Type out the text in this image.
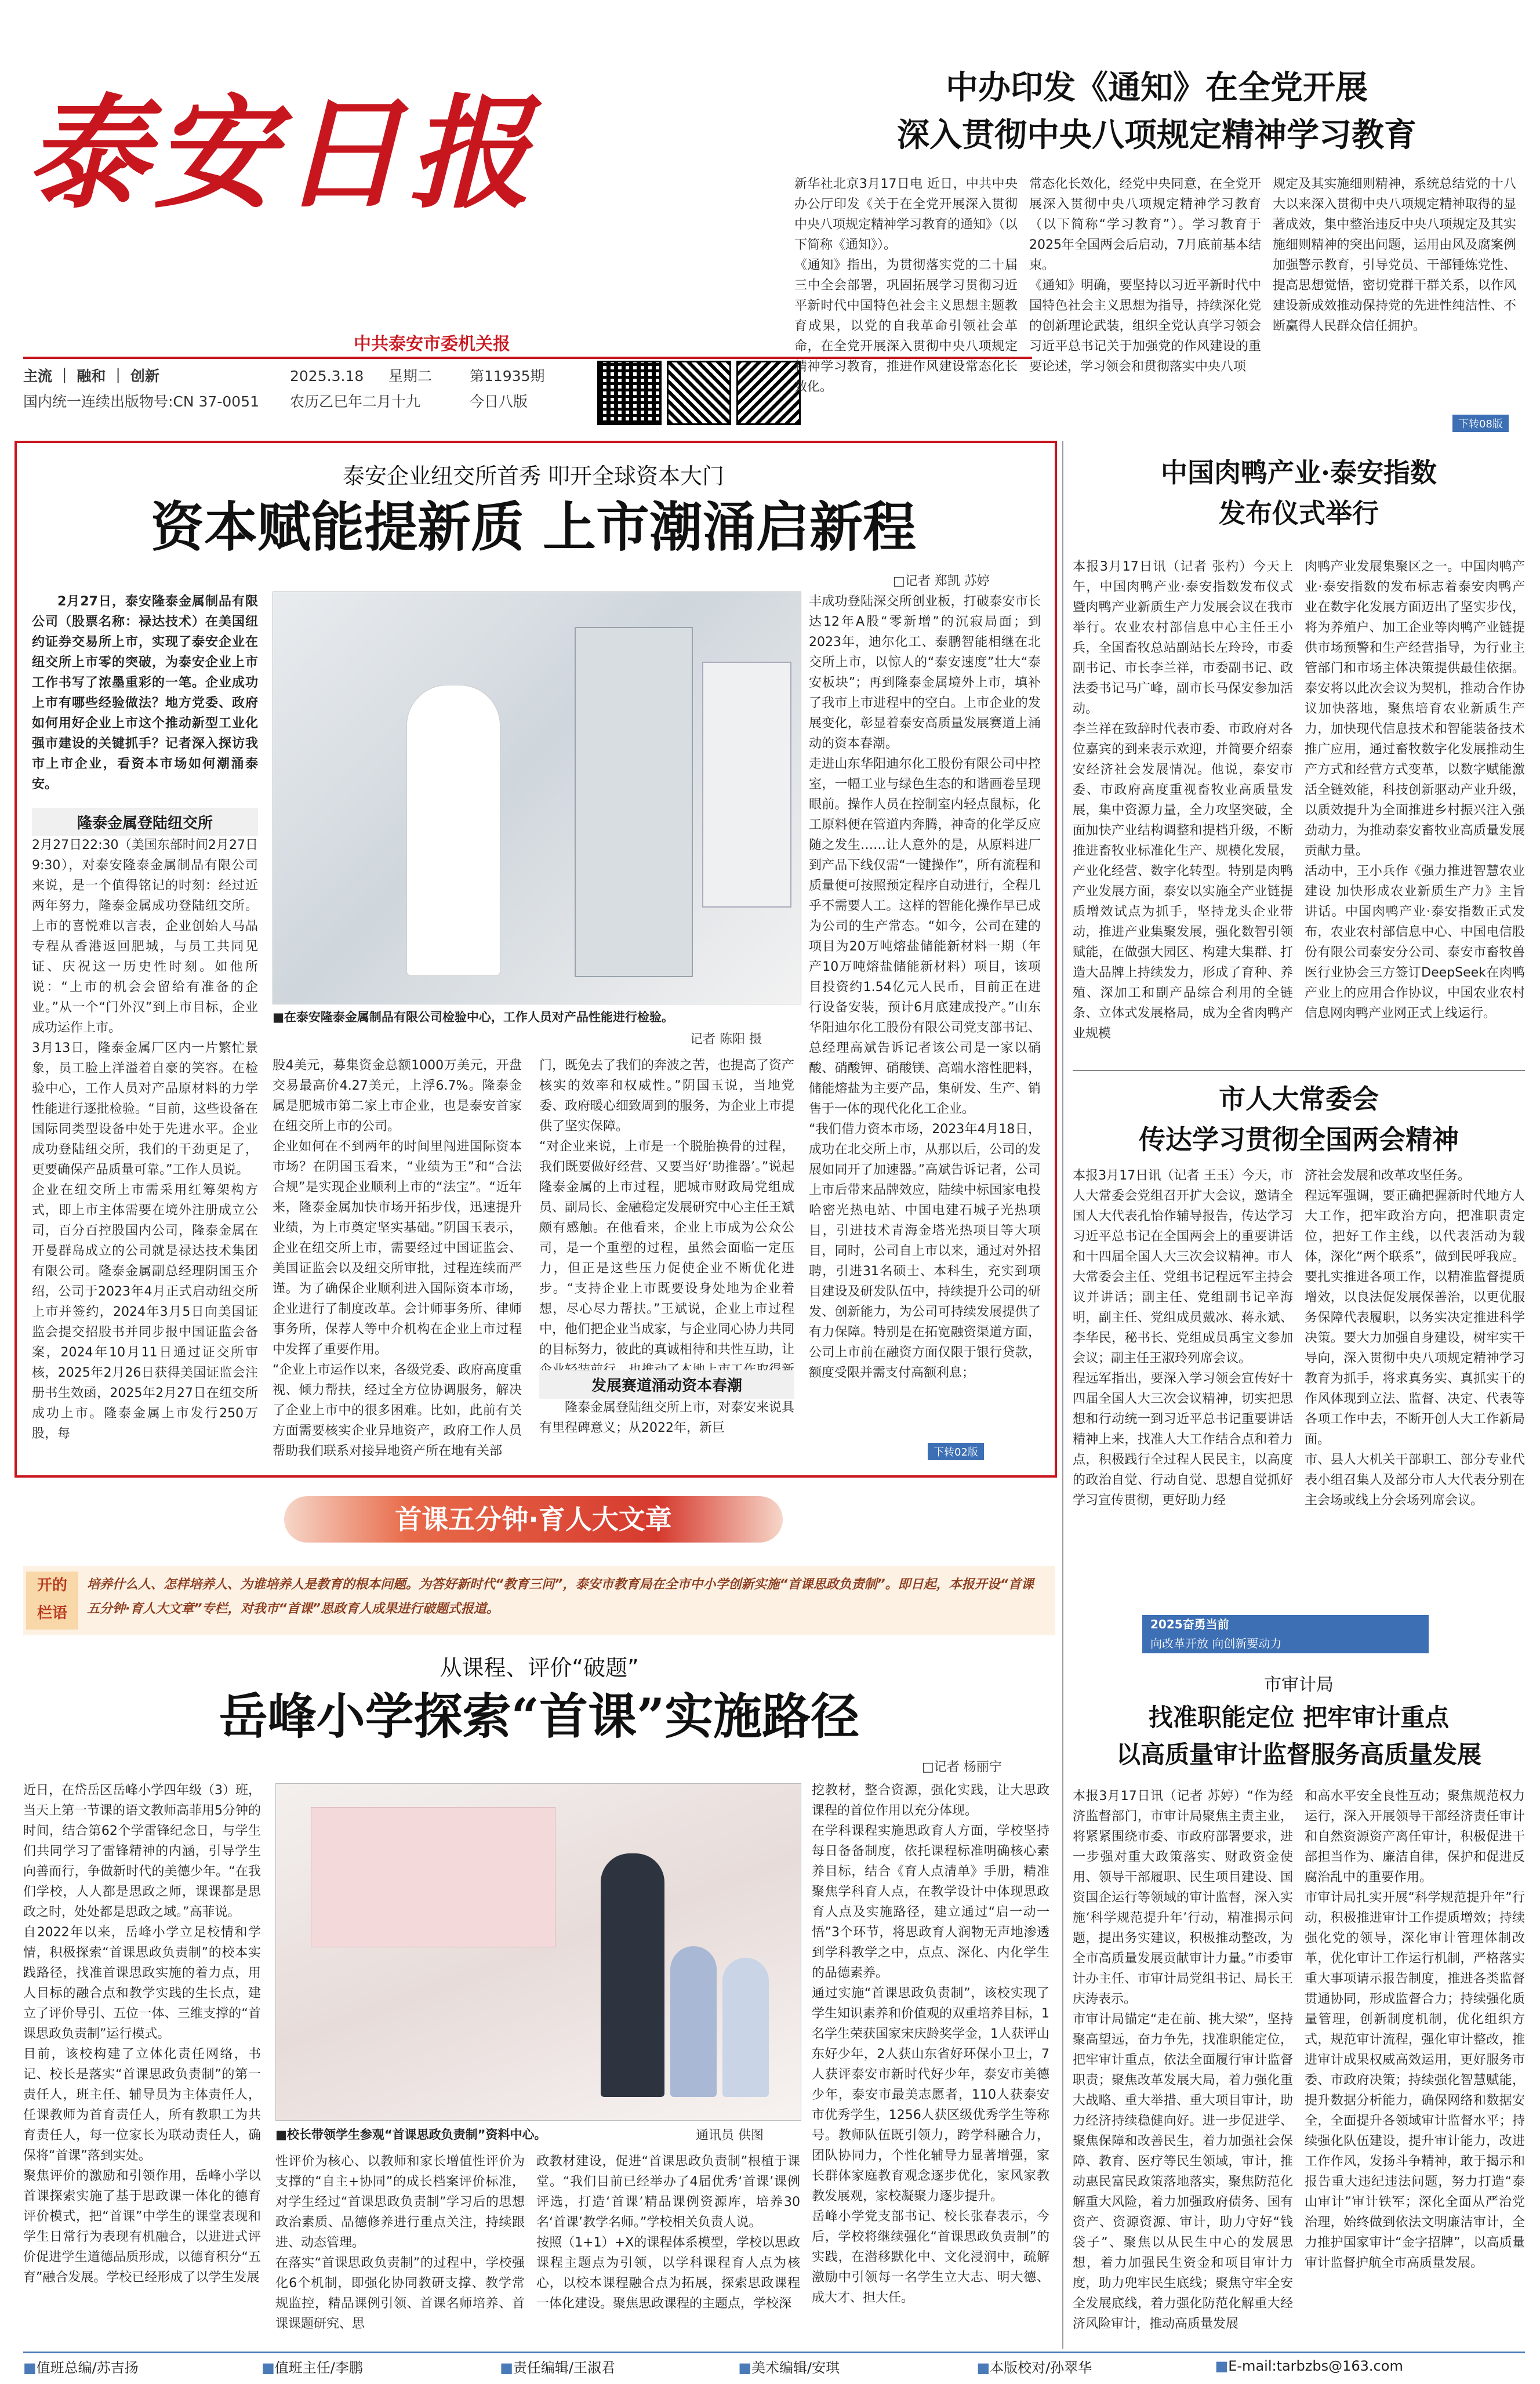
泰安日报
中共泰安市委机关报
主流 ｜ 融和 ｜ 创新	2025.3.18	星期二	第11935期
国内统一连续出版物号:CN 37-0051	农历乙巳年二月十九	今日八版
中办印发《通知》在全党开展
深入贯彻中央八项规定精神学习教育
新华社北京3月17日电 近日，中共中央办公厅印发《关于在全党开展深入贯彻中央八项规定精神学习教育的通知》（以下简称《通知》）。
《通知》指出，为贯彻落实党的二十届三中全会部署，巩固拓展学习贯彻习近平新时代中国特色社会主义思想主题教育成果，以党的自我革命引领社会革命，在全党开展深入贯彻中央八项规定精神学习教育，推进作风建设常态化长效化。
常态化长效化，经党中央同意，在全党开展深入贯彻中央八项规定精神学习教育（以下简称“学习教育”）。学习教育于2025年全国两会后启动，7月底前基本结束。
《通知》明确，要坚持以习近平新时代中国特色社会主义思想为指导，持续深化党的创新理论武装，组织全党认真学习领会习近平总书记关于加强党的作风建设的重要论述，学习领会和贯彻落实中央八项
规定及其实施细则精神，系统总结党的十八大以来深入贯彻中央八项规定精神取得的显著成效，集中整治违反中央八项规定及其实施细则精神的突出问题，运用由风及腐案例加强警示教育，引导党员、干部锤炼党性、提高思想觉悟，密切党群干群关系，以作风建设新成效推动保持党的先进性纯洁性、不断赢得人民群众信任拥护。
下转08版
泰安企业纽交所首秀 叩开全球资本大门
资本赋能提新质 上市潮涌启新程
□记者 郑凯 苏婷
2月27日，泰安隆泰金属制品有限公司（股票名称：禄达技术）在美国纽约证券交易所上市，实现了泰安企业在纽交所上市零的突破，为泰安企业上市工作书写了浓墨重彩的一笔。企业成功上市有哪些经验做法？地方党委、政府如何用好企业上市这个推动新型工业化强市建设的关键抓手？记者深入探访我市上市企业，看资本市场如何潮涌泰安。
隆泰金属登陆纽交所
2月27日22:30（美国东部时间2月27日9:30），对泰安隆泰金属制品有限公司来说，是一个值得铭记的时刻：经过近两年努力，隆泰金属成功登陆纽交所。上市的喜悦难以言表，企业创始人马晶专程从香港返回肥城，与员工共同见证、庆祝这一历史性时刻。如他所说：“上市的机会会留给有准备的企业。”从一个“门外汉”到上市目标，企业成功运作上市。
3月13日，隆泰金属厂区内一片繁忙景象，员工脸上洋溢着自豪的笑容。在检验中心，工作人员对产品原材料的力学性能进行逐批检验。“目前，这些设备在国际同类型设备中处于先进水平。企业成功登陆纽交所，我们的干劲更足了，更要确保产品质量可靠。”工作人员说。
企业在纽交所上市需采用红筹架构方式，即上市主体需要在境外注册成立公司，百分百控股国内公司，隆泰金属在开曼群岛成立的公司就是禄达技术集团有限公司。隆泰金属副总经理阴国玉介绍，公司于2023年4月正式启动纽交所上市并签约，2024年3月5日向美国证监会提交招股书并同步报中国证监会备案，2024年10月11日通过证交所审核，2025年2月26日获得美国证监会注册书生效函，2025年2月27日在纽交所成功上市。隆泰金属上市发行250万股，每
■在泰安隆泰金属制品有限公司检验中心，工作人员对产品性能进行检验。
记者 陈阳 摄
股4美元，募集资金总额1000万美元，开盘交易最高价4.27美元，上浮6.7%。隆泰金属是肥城市第二家上市企业，也是泰安首家在纽交所上市的公司。
企业如何在不到两年的时间里闯进国际资本市场？在阴国玉看来，“业绩为王”和“合法合规”是实现企业顺利上市的“法宝”。“近年来，隆泰金属加快市场开拓步伐，迅速提升业绩，为上市奠定坚实基础。”阴国玉表示，企业在纽交所上市，需要经过中国证监会、美国证监会以及纽交所审批，过程连续而严谨。为了确保企业顺利进入国际资本市场，企业进行了制度改革。会计师事务所、律师事务所，保荐人等中介机构在企业上市过程中发挥了重要作用。
“企业上市运作以来，各级党委、政府高度重视、倾力帮扶，经过全方位协调服务，解决了企业上市中的很多困难。比如，此前有关方面需要核实企业异地资产，政府工作人员帮助我们联系对接异地资产所在地有关部
门，既免去了我们的奔波之苦，也提高了资产核实的效率和权威性。”阴国玉说，当地党委、政府暖心细致周到的服务，为企业上市提供了坚实保障。
“对企业来说，上市是一个脱胎换骨的过程，我们既要做好经营、又要当好‘助推器’。”说起隆泰金属的上市过程，肥城市财政局党组成员、副局长、金融稳定发展研究中心主任王斌颇有感触。在他看来，企业上市成为公众公司，是一个重塑的过程，虽然会面临一定压力，但正是这些压力促使企业不断优化进步。“支持企业上市既要设身处地为企业着想，尽心尽力帮扶。”王斌说，企业上市过程中，他们把企业当成家，与企业同心协力共同的目标努力，彼此的真诚相待和共性互助，让
发展赛道涌动资本春潮
隆泰金属登陆纽交所上市，对泰安来说具有里程碑意义；从2022年，新巨
丰成功登陆深交所创业板，打破泰安市长达12年A股“零新增”的沉寂局面；到2023年，迪尔化工、泰鹏智能相继在北交所上市，以惊人的“泰安速度”壮大“泰安板块”；再到隆泰金属境外上市，填补了我市上市进程中的空白。上市企业的发展变化，彰显着泰安高质量发展赛道上涌动的资本春潮。
走进山东华阳迪尔化工股份有限公司中控室，一幅工业与绿色生态的和谐画卷呈现眼前。操作人员在控制室内轻点鼠标，化工原料便在管道内奔腾，神奇的化学反应随之发生……让人意外的是，从原料进厂到产品下线仅需“一键操作”，所有流程和质量便可按照预定程序自动进行，全程几乎不需要人工。这样的智能化操作早已成为公司的生产常态。“如今，公司在建的项目为20万吨熔盐储能新材料一期（年产10万吨熔盐储能新材料）项目，该项目投资约1.54亿元人民币，目前正在进行设备安装，预计6月底建成投产。”山东华阳迪尔化工股份有限公司党支部书记、总经理高斌告诉记者该公司是一家以硝酸、硝酸钾、硝酸镁、高端水溶性肥料，储能熔盐为主要产品，集研发、生产、销售于一体的现代化化工企业。
“我们借力资本市场，2023年4月18日，成功在北交所上市，从那以后，公司的发展如同开了加速器。”高斌告诉记者，公司上市后带来品牌效应，陆续中标国家电投哈密光热电站、中国电建石城子光热项目，引进技术青海金塔光热项目等大项目，同时，公司自上市以来，通过对外招聘，引进31名硕士、本科生，充实到项目建设及研发队伍中，持续提升公司的研发、创新能力，为公司可持续发展提供了有力保障。特别是在拓宽融资渠道方面，公司上市前在融资方面仅限于银行贷款，额度受限并需支付高额利息；
下转02版
中国肉鸭产业·泰安指数
发布仪式举行
本报3月17日讯（记者 张杓）今天上午，中国肉鸭产业·泰安指数发布仪式暨肉鸭产业新质生产力发展会议在我市举行。农业农村部信息中心主任王小兵，全国畜牧总站副站长左玲玲，市委副书记、市长李兰祥，市委副书记、政法委书记马广峰，副市长马保安参加活动。
李兰祥在致辞时代表市委、市政府对各位嘉宾的到来表示欢迎，并简要介绍泰安经济社会发展情况。他说，泰安市委、市政府高度重视畜牧业高质量发展，集中资源力量，全力攻坚突破，全面加快产业结构调整和提档升级，不断推进畜牧业标准化生产、规模化发展，产业化经营、数字化转型。特别是肉鸭产业发展方面，泰安以实施全产业链提质增效试点为抓手，坚持龙头企业带动，推进产业集聚发展，强化数智引领赋能，在做强大园区、构建大集群、打造大品牌上持续发力，形成了育种、养殖、深加工和副产品综合利用的全链条、立体式发展格局，成为全省肉鸭产业规模
肉鸭产业发展集聚区之一。中国肉鸭产业·泰安指数的发布标志着泰安肉鸭产业在数字化发展方面迈出了坚实步伐，将为养殖户、加工企业等肉鸭产业链提供市场预警和生产经营指导，为行业主管部门和市场主体决策提供最佳依据。泰安将以此次会议为契机，推动合作协议加快落地，聚焦培育农业新质生产力，加快现代信息技术和智能装备技术推广应用，通过畜牧数字化发展推动生产方式和经营方式变革，以数字赋能激活全链效能，科技创新驱动产业升级，以质效提升为全面推进乡村振兴注入强劲动力，为推动泰安畜牧业高质量发展贡献力量。
活动中，王小兵作《强力推进智慧农业建设 加快形成农业新质生产力》主旨讲话。中国肉鸭产业·泰安指数正式发布，农业农村部信息中心、中国电信股份有限公司泰安分公司、泰安市畜牧兽医行业协会三方签订DeepSeek在肉鸭产业上的应用合作协议，中国农业农村信息网肉鸭产业网正式上线运行。
市人大常委会
传达学习贯彻全国两会精神
本报3月17日讯（记者 王玉）今天，市人大常委会党组召开扩大会议，邀请全国人大代表孔怡作辅导报告，传达学习习近平总书记在全国两会上的重要讲话和十四届全国人大三次会议精神。市人大常委会主任、党组书记程远军主持会议并讲话；副主任、党组副书记辛海明，副主任、党组成员戴冰、蒋永斌、李华民，秘书长、党组成员禹宝文参加会议；副主任王淑玲列席会议。
程远军指出，要深入学习领会宣传好十四届全国人大三次会议精神，切实把思想和行动统一到习近平总书记重要讲话精神上来，找准人大工作结合点和着力点，积极践行全过程人民民主，以高度的政治自觉、行动自觉、思想自觉抓好学习宣传贯彻，更好助力经
济社会发展和改革攻坚任务。
程远军强调，要正确把握新时代地方人大工作，把牢政治方向，把准职责定位，把好工作主线，以代表活动为载体，深化“两个联系”，做到民呼我应。要扎实推进各项工作，以精准监督提质增效，以良法促发展保善治，以更优服务保障代表履职，以务实决定推进科学决策。要大力加强自身建设，树牢实干导向，深入贯彻中央八项规定精神学习教育为抓手，将求真务实、真抓实干的作风体现到立法、监督、决定、代表等各项工作中去，不断开创人大工作新局面。
市、县人大机关干部职工、部分专业代表小组召集人及部分市人大代表分别在主会场或线上分会场列席会议。
首课五分钟·育人大文章
开的
栏语
培养什么人、怎样培养人、为谁培养人是教育的根本问题。为答好新时代“教育三问”，泰安市教育局在全市中小学创新实施“首课思政负责制”。即日起，本报开设“首课五分钟·育人大文章”专栏，对我市“首课”思政育人成果进行破题式报道。
从课程、评价“破题”
岳峰小学探索“首课”实施路径
□记者 杨丽宁
近日，在岱岳区岳峰小学四年级（3）班，当天上第一节课的语文教师高菲用5分钟的时间，结合第62个学雷锋纪念日，与学生们共同学习了雷锋精神的内涵，引导学生向善而行，争做新时代的美德少年。“在我们学校，人人都是思政之师，课课都是思政之时，处处都是思政之域。”高菲说。
自2022年以来，岳峰小学立足校情和学情，积极探索“首课思政负责制”的校本实践路径，找准首课思政实施的着力点，用人目标的融合点和教学实践的生长点，建立了评价导引、五位一体、三维支撑的“首课思政负责制”运行模式。
目前，该校构建了立体化责任网络，书记、校长是落实“首课思政负责制”的第一责任人，班主任、辅导员为主体责任人，任课教师为首育责任人，所有教职工为共育责任人，每一位家长为联动责任人，确保将“首课”落到实处。
聚焦评价的激励和引领作用，岳峰小学以首课探索实施了基于思政课一体化的德育评价模式，把“首课”中学生的课堂表现和学生日常行为表现有机融合，以进进式评价促进学生道德品质形成，以德育积分“五育”融合发展。学校已经形成了以学生发展
■校长带领学生参观“首课思政负责制”资料中心。	通讯员 供图
性评价为核心、以教师和家长增值性评价为支撑的“自主+协同”的成长档案评价标准，对学生经过“首课思政负责制”学习后的思想政治素质、品德修养进行重点关注，持续跟进、动态管理。
在落实“首课思政负责制”的过程中，学校强化6个机制，即强化协同教研支撑、教学常规监控，精品课例引领、首课名师培养、首课课题研究、思
政教材建设，促进“首课思政负责制”根植于课堂。“我们目前已经举办了4届优秀‘首课’课例评选，打造‘首课’精品课例资源库，培养30名‘首课’教学名师。”学校相关负责人说。
按照（1+1）+X的课程体系模型，学校以思政课程主题点为引领，以学科课程育人点为核心，以校本课程融合点为拓展，探索思政课程一体化建设。聚焦思政课程的主题点，学校深
挖教材，整合资源，强化实践，让大思政课程的首位作用以充分体现。
在学科课程实施思政育人方面，学校坚持每日备备制度，依托课程标准明确核心素养目标，结合《育人点清单》手册，精准聚焦学科育人点，在教学设计中体现思政育人点及实施路径，建立通过“启一动一悟”3个环节，将思政育人润物无声地渗透到学科教学之中，点点、深化、内化学生的品德素养。
通过实施“首课思政负责制”，该校实现了学生知识素养和价值观的双重培养目标，1名学生荣获国家宋庆龄奖学金，1人获评山东好少年，2人获山东省好环保小卫士，7人获评泰安市新时代好少年，泰安市美德少年，泰安市最美志愿者，110人获泰安市优秀学生，1256人获区级优秀学生等称号。教师队伍既引领力，跨学科融合力，团队协同力，个性化辅导力显著增强，家长群体家庭教育观念逐步优化，家风家教教发展观，家校凝聚力逐步提升。
岳峰小学党支部书记、校长张春表示，今后，学校将继续强化“首课思政负责制”的实践，在潜移默化中、文化浸润中，疏解激励中引领每一名学生立大志、明大德、成大才、担大任。
2025奋勇当前
向改革开放 向创新要动力
市审计局
找准职能定位 把牢审计重点
以高质量审计监督服务高质量发展
本报3月17日讯（记者 苏婷）“作为经济监督部门，市审计局聚焦主责主业，将紧紧围绕市委、市政府部署要求，进一步强对重大政策落实、财政资金使用、领导干部履职、民生项目建设、国资国企运行等领域的审计监督，深入实施‘科学规范提升年’行动，精准揭示问题，提出务实建议，积极推动整改，为全市高质量发展贡献审计力量。”市委审计办主任、市审计局党组书记、局长王庆涛表示。
市审计局锚定“走在前、挑大梁”，坚持聚高望远，奋力争先，找准职能定位，把牢审计重点，依法全面履行审计监督职责；聚焦改革发展大局，着力强化重大战略、重大举措、重大项目审计，助力经济持续稳健向好。进一步促进学、聚焦保障和改善民生，着力加强社会保障、教育、医疗等民生领域，审计，推动惠民富民政策落地落实，聚焦防范化解重大风险，着力加强政府债务、国有资产、资源资源、审计，助力守好“钱袋子”、聚焦以从民生中心的发展思想，着力加强民生资金和项目审计力度，助力兜牢民生底线；聚焦守牢全安全发展底线，着力强化防范化解重大经济风险审计，推动高质量发展
和高水平安全良性互动；聚焦规范权力运行，深入开展领导干部经济责任审计和自然资源资产离任审计，积极促进干部担当作为、廉洁自律，保护和促进反腐治乱中的重要作用。
市审计局扎实开展“科学规范提升年”行动，积极推进审计工作提质增效；持续强化党的领导，深化审计管理体制改革，优化审计工作运行机制，严格落实重大事项请示报告制度，推进各类监督贯通协同，形成监督合力；持续强化质量管理，创新制度机制，优化组织方式，规范审计流程，强化审计整改，推进审计成果权威高效运用，更好服务市委、市政府决策；持续强化智慧赋能，提升数据分析能力，确保网络和数据安全，全面提升各领域审计监督水平；持续强化队伍建设，提升审计能力，改进工作作风，发扬斗争精神，敢于揭示和报告重大违纪违法问题，努力打造“泰山审计”审计铁军；深化全面从严治党治理，始终做到依法文明廉洁审计，全力推护国家审计“金字招牌”，以高质量审计监督护航全市高质量发展。
■值班总编/苏吉扬	■值班主任/李鹏	■责任编辑/王淑君	■美术编辑/安琪	■本版校对/孙翠华	■E-mail:tarbzbs@163.com
